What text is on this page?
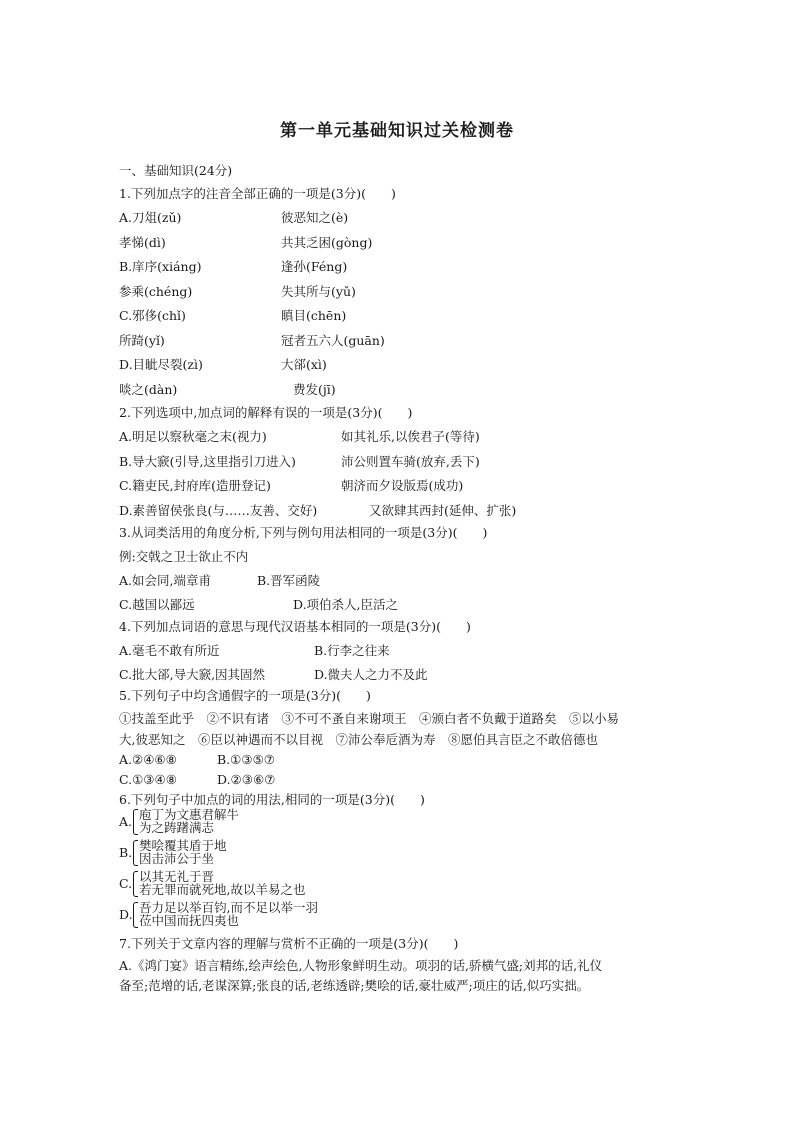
第一单元基础知识过关检测卷
一、基础知识(24分)
1.下列加点字的注音全部正确的一项是(3分)(　　)
A.刀俎(zǔ)	彼恶知之(è)
孝悌(dì)	共其乏困(gòng)
B.庠序(xiáng)	逢孙(Féng)
参乘(chéng)	失其所与(yǔ)
C.邪侈(chǐ)	瞋目(chēn)
所踦(yǐ)	冠者五六人(guān)
D.目眦尽裂(zì)	大郤(xì)
啖之(dàn)	费发(jī)
2.下列选项中,加点词的解释有误的一项是(3分)(　　)
A.明足以察秋毫之末(视力)	如其礼乐,以俟君子(等待)
B.导大窾(引导,这里指引刀进入)	沛公则置车骑(放弃,丢下)
C.籍吏民,封府库(造册登记)	朝济而夕设版焉(成功)
D.素善留侯张良(与……友善、交好)	又欲肆其西封(延伸、扩张)
3.从词类活用的角度分析,下列与例句用法相同的一项是(3分)(　　)
例:交戟之卫士欲止不内
A.如会同,端章甫	B.晋军函陵
C.越国以鄙远	D.项伯杀人,臣活之
4.下列加点词语的意思与现代汉语基本相同的一项是(3分)(　　)
A.毫毛不敢有所近	B.行李之往来
C.批大郤,导大窾,因其固然	D.微夫人之力不及此
5.下列句子中均含通假字的一项是(3分)(　　)
①技盖至此乎　②不识有诸　③不可不蚤自来谢项王　④颁白者不负戴于道路矣　⑤以小易
大,彼恶知之　⑥臣以神遇而不以目视　⑦沛公奉卮酒为寿　⑧愿伯具言臣之不敢倍德也
A.②④⑥⑧	B.①③⑤⑦
C.①③④⑧	D.②③⑥⑦
6.下列句子中加点的词的用法,相同的一项是(3分)(　　)
A. 庖丁为文惠君解牛
为之踌躇满志
B. 樊哙覆其盾于地
因击沛公于坐
C. 以其无礼于晋
若无罪而就死地,故以羊易之也
D. 吾力足以举百钧,而不足以举一羽
莅中国而抚四夷也
7.下列关于文章内容的理解与赏析不正确的一项是(3分)(　　)
A.《鸿门宴》语言精练,绘声绘色,人物形象鲜明生动。项羽的话,骄横气盛;刘邦的话,礼仪
备至;范增的话,老谋深算;张良的话,老练透辟;樊哙的话,豪壮威严;项庄的话,似巧实拙。
